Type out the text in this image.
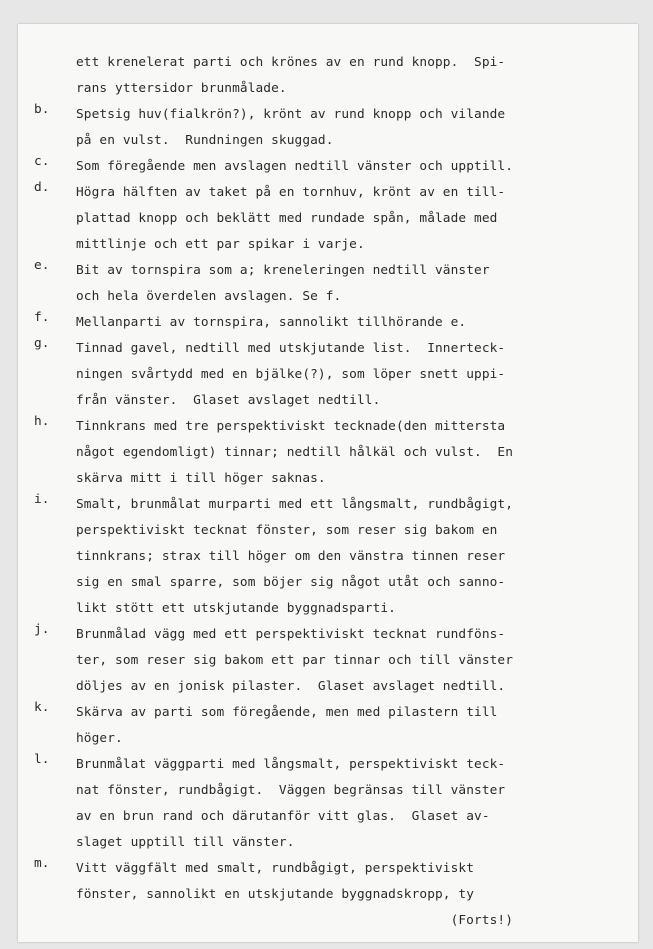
ett krenelerat parti och krönes av en rund knopp.  Spi-
rans yttersidor brunmålade.
b.	Spetsig huv(fialkrön?), krönt av rund knopp och vilande
på en vulst.  Rundningen skuggad.
c.	Som föregående men avslagen nedtill vänster och upptill.
d.	Högra hälften av taket på en tornhuv, krönt av en till-
plattad knopp och beklätt med rundade spån, målade med
mittlinje och ett par spikar i varje.
e.	Bit av tornspira som a; kreneleringen nedtill vänster
och hela överdelen avslagen. Se f.
f.	Mellanparti av tornspira, sannolikt tillhörande e.
g.	Tinnad gavel, nedtill med utskjutande list.  Innerteck-
ningen svårtydd med en bjälke(?), som löper snett uppi-
från vänster.  Glaset avslaget nedtill.
h.	Tinnkrans med tre perspektiviskt tecknade(den mittersta
något egendomligt) tinnar; nedtill hålkäl och vulst.  En
skärva mitt i till höger saknas.
i.	Smalt, brunmålat murparti med ett långsmalt, rundbågigt,
perspektiviskt tecknat fönster, som reser sig bakom en
tinnkrans; strax till höger om den vänstra tinnen reser
sig en smal sparre, som böjer sig något utåt och sanno-
likt stött ett utskjutande byggnadsparti.
j.	Brunmålad vägg med ett perspektiviskt tecknat rundföns-
ter, som reser sig bakom ett par tinnar och till vänster
döljes av en jonisk pilaster.  Glaset avslaget nedtill.
k.	Skärva av parti som föregående, men med pilastern till
höger.
l.	Brunmålat väggparti med långsmalt, perspektiviskt teck-
nat fönster, rundbågigt.  Väggen begränsas till vänster
av en brun rand och därutanför vitt glas.  Glaset av-
slaget upptill till vänster.
m.	Vitt väggfält med smalt, rundbågigt, perspektiviskt
fönster, sannolikt en utskjutande byggnadskropp, ty
(Forts!)
